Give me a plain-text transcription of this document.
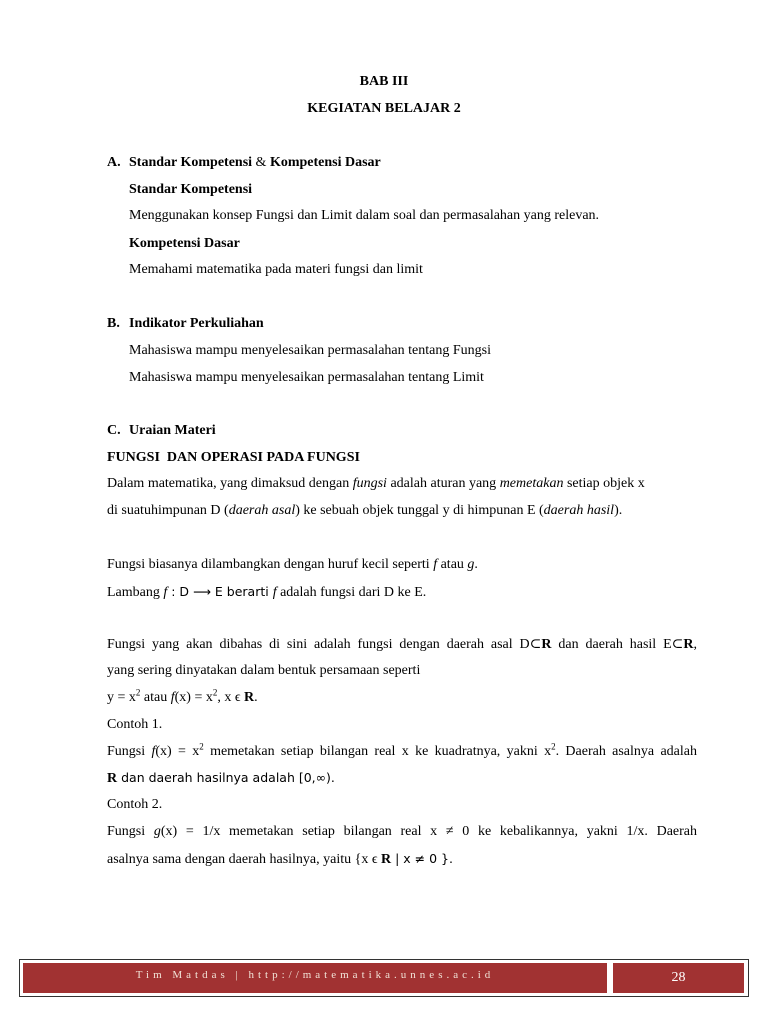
BAB III
KEGIATAN BELAJAR 2
A. Standar Kompetensi & Kompetensi Dasar
Standar Kompetensi
Menggunakan konsep Fungsi dan Limit dalam soal dan permasalahan yang relevan.
Kompetensi Dasar
Memahami matematika pada materi fungsi dan limit
B. Indikator Perkuliahan
Mahasiswa mampu menyelesaikan permasalahan tentang Fungsi
Mahasiswa mampu menyelesaikan permasalahan tentang Limit
C. Uraian Materi
FUNGSI  DAN OPERASI PADA FUNGSI
Dalam matematika, yang dimaksud dengan fungsi adalah aturan yang memetakan setiap objek x
di suatuhimpunan D (daerah asal) ke sebuah objek tunggal y di himpunan E (daerah hasil).
Fungsi biasanya dilambangkan dengan huruf kecil seperti f atau g.
Lambang f : D ⟶ E berarti f adalah fungsi dari D ke E.
Fungsi yang akan dibahas di sini adalah fungsi dengan daerah asal D⊂R dan daerah hasil E⊂R,
yang sering dinyatakan dalam bentuk persamaan seperti
$y = x^2$ atau $f(x) = x^2$, x ϵ R.
Contoh 1.
Fungsi $f(x) = x^2$ memetakan setiap bilangan real x ke kuadratnya, yakni $x^2$. Daerah asalnya adalah
R dan daerah hasilnya adalah [0,∞).
Contoh 2.
Fungsi g(x) = 1/x memetakan setiap bilangan real x ≠ 0 ke kebalikannya, yakni 1/x. Daerah
asalnya sama dengan daerah hasilnya, yaitu {x ϵ R | x ≠ 0 }.
Tim Matdas | http://matematika.unnes.ac.id	28
